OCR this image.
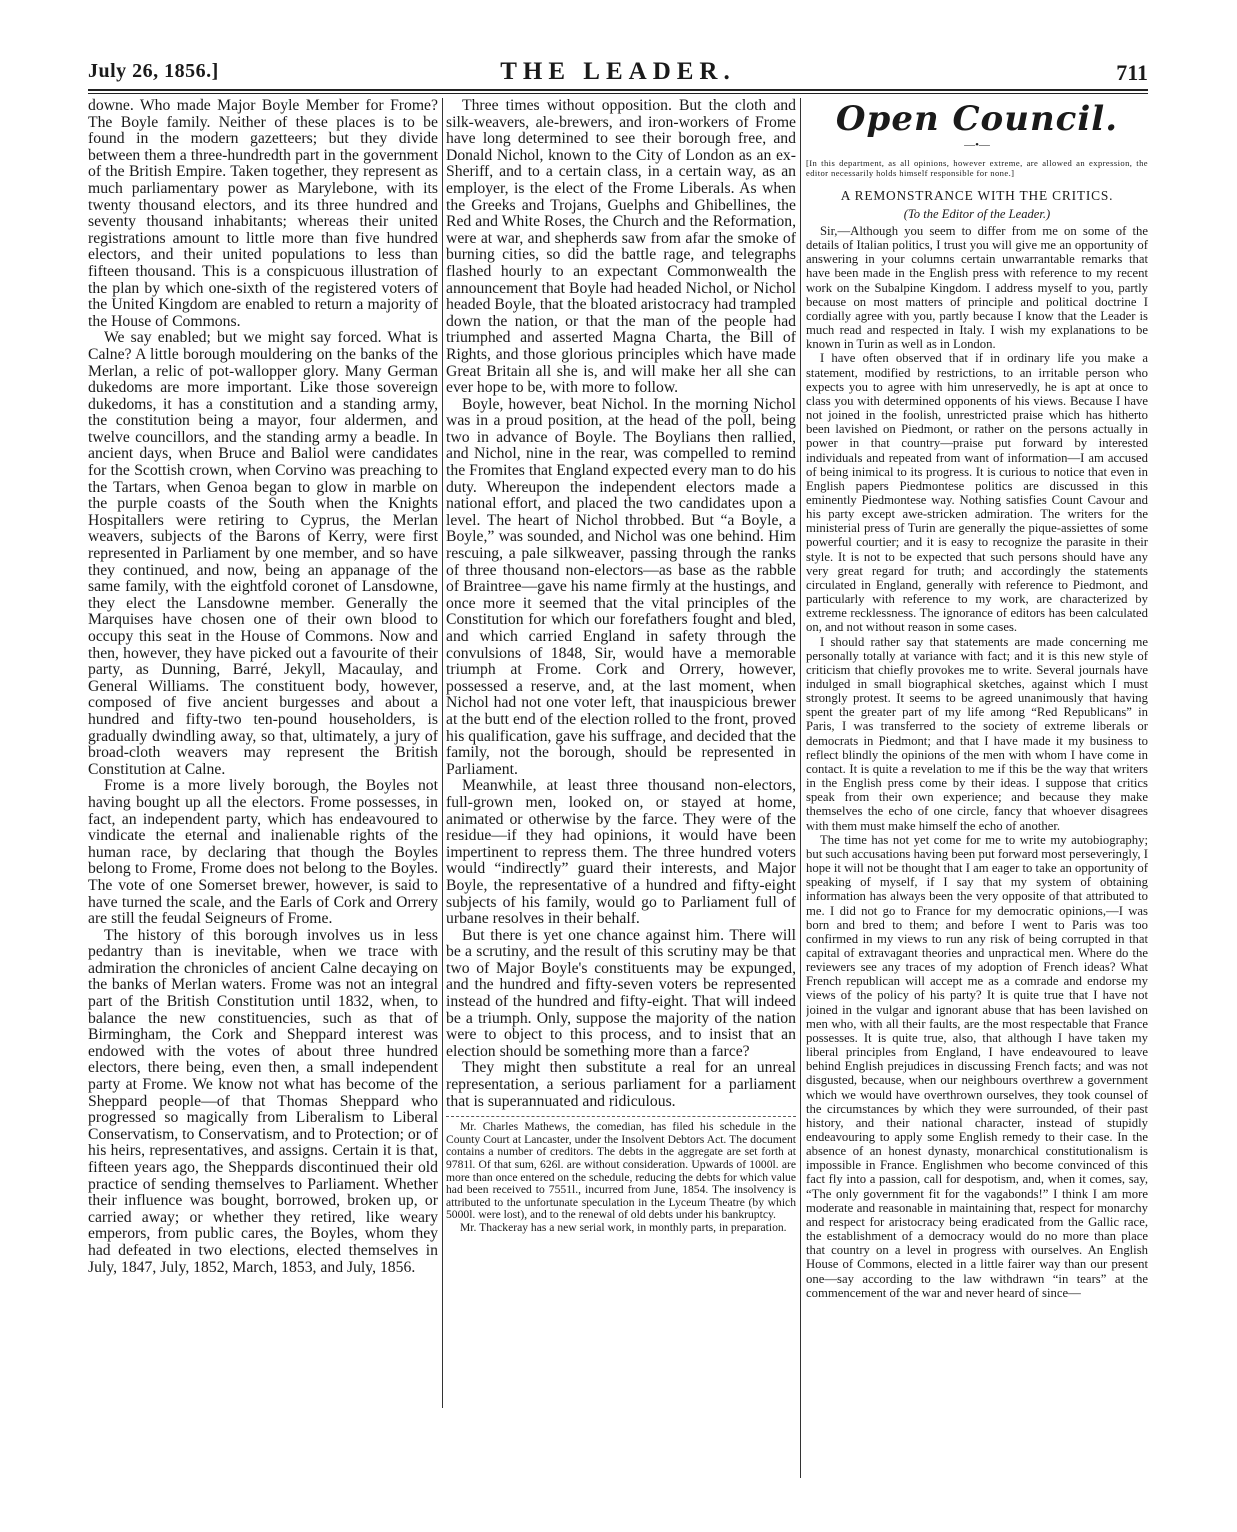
July 26, 1856.]	THE LEADER.	711

downe. Who made Major Boyle Member for Frome? The Boyle family. Neither of these places is to be found in the modern gazetteers; but they divide between them a three-hundredth part in the government of the British Empire. Taken together, they represent as much parliamentary power as Marylebone, with its twenty thousand electors, and its three hundred and seventy thousand inhabitants; whereas their united registrations amount to little more than five hundred electors, and their united populations to less than fifteen thousand. This is a conspicuous illustration of the plan by which one-sixth of the registered voters of the United Kingdom are enabled to return a majority of the House of Commons.

We say enabled; but we might say forced. What is Calne? A little borough mouldering on the banks of the Merlan, a relic of pot-wallopper glory. Many German dukedoms are more important. Like those sovereign dukedoms, it has a constitution and a standing army, the constitution being a mayor, four aldermen, and twelve councillors, and the standing army a beadle. In ancient days, when Bruce and Baliol were candidates for the Scottish crown, when Corvino was preaching to the Tartars, when Genoa began to glow in marble on the purple coasts of the South when the Knights Hospitallers were retiring to Cyprus, the Merlan weavers, subjects of the Barons of Kerry, were first represented in Parliament by one member, and so have they continued, and now, being an appanage of the same family, with the eightfold coronet of Lansdowne, they elect the Lansdowne member. Generally the Marquises have chosen one of their own blood to occupy this seat in the House of Commons. Now and then, however, they have picked out a favourite of their party, as Dunning, Barré, Jekyll, Macaulay, and General Williams. The constituent body, however, composed of five ancient burgesses and about a hundred and fifty-two ten-pound householders, is gradually dwindling away, so that, ultimately, a jury of broad-cloth weavers may represent the British Constitution at Calne.

Frome is a more lively borough, the Boyles not having bought up all the electors. Frome possesses, in fact, an independent party, which has endeavoured to vindicate the eternal and inalienable rights of the human race, by declaring that though the Boyles belong to Frome, Frome does not belong to the Boyles. The vote of one Somerset brewer, however, is said to have turned the scale, and the Earls of Cork and Orrery are still the feudal Seigneurs of Frome.

The history of this borough involves us in less pedantry than is inevitable, when we trace with admiration the chronicles of ancient Calne decaying on the banks of Merlan waters. Frome was not an integral part of the British Constitution until 1832, when, to balance the new constituencies, such as that of Birmingham, the Cork and Sheppard interest was endowed with the votes of about three hundred electors, there being, even then, a small independent party at Frome. We know not what has become of the Sheppard people—of that Thomas Sheppard who progressed so magically from Liberalism to Liberal Conservatism, to Conservatism, and to Protection; or of his heirs, representatives, and assigns. Certain it is that, fifteen years ago, the Sheppards discontinued their old practice of sending themselves to Parliament. Whether their influence was bought, borrowed, broken up, or carried away; or whether they retired, like weary emperors, from public cares, the Boyles, whom they had defeated in two elections, elected themselves in July, 1847, July, 1852, March, 1853, and July, 1856.

Three times without opposition. But the cloth and silk-weavers, ale-brewers, and iron-workers of Frome have long determined to see their borough free, and Donald Nichol, known to the City of London as an ex-Sheriff, and to a certain class, in a certain way, as an employer, is the elect of the Frome Liberals. As when the Greeks and Trojans, Guelphs and Ghibellines, the Red and White Roses, the Church and the Reformation, were at war, and shepherds saw from afar the smoke of burning cities, so did the battle rage, and telegraphs flashed hourly to an expectant Commonwealth the announcement that Boyle had headed Nichol, or Nichol headed Boyle, that the bloated aristocracy had trampled down the nation, or that the man of the people had triumphed and asserted Magna Charta, the Bill of Rights, and those glorious principles which have made Great Britain all she is, and will make her all she can ever hope to be, with more to follow.

Boyle, however, beat Nichol. In the morning Nichol was in a proud position, at the head of the poll, being two in advance of Boyle. The Boylians then rallied, and Nichol, nine in the rear, was compelled to remind the Fromites that England expected every man to do his duty. Whereupon the independent electors made a national effort, and placed the two candidates upon a level. The heart of Nichol throbbed. But “a Boyle, a Boyle,” was sounded, and Nichol was one behind. Him rescuing, a pale silkweaver, passing through the ranks of three thousand non-electors—as base as the rabble of Braintree—gave his name firmly at the hustings, and once more it seemed that the vital principles of the Constitution for which our forefathers fought and bled, and which carried England in safety through the convulsions of 1848, Sir, would have a memorable triumph at Frome. Cork and Orrery, however, possessed a reserve, and, at the last moment, when Nichol had not one voter left, that inauspicious brewer at the butt end of the election rolled to the front, proved his qualification, gave his suffrage, and decided that the family, not the borough, should be represented in Parliament.

Meanwhile, at least three thousand non-electors, full-grown men, looked on, or stayed at home, animated or otherwise by the farce. They were of the residue—if they had opinions, it would have been impertinent to repress them. The three hundred voters would “indirectly” guard their interests, and Major Boyle, the representative of a hundred and fifty-eight subjects of his family, would go to Parliament full of urbane resolves in their behalf.

But there is yet one chance against him. There will be a scrutiny, and the result of this scrutiny may be that two of Major Boyle's constituents may be expunged, and the hundred and fifty-seven voters be represented instead of the hundred and fifty-eight. That will indeed be a triumph. Only, suppose the majority of the nation were to object to this process, and to insist that an election should be something more than a farce?

They might then substitute a real for an unreal representation, a serious parliament for a parliament that is superannuated and ridiculous.

Mr. Charles Mathews, the comedian, has filed his schedule in the County Court at Lancaster, under the Insolvent Debtors Act. The document contains a number of creditors. The debts in the aggregate are set forth at 9781l. Of that sum, 626l. are without consideration. Upwards of 1000l. are more than once entered on the schedule, reducing the debts for which value had been received to 7551l., incurred from June, 1854. The insolvency is attributed to the unfortunate speculation in the Lyceum Theatre (by which 5000l. were lost), and to the renewal of old debts under his bankruptcy.

Mr. Thackeray has a new serial work, in monthly parts, in preparation.

Open Council.
—•—
[In this department, as all opinions, however extreme, are allowed an expression, the editor necessarily holds himself responsible for none.]
A REMONSTRANCE WITH THE CRITICS.
(To the Editor of the Leader.)

Sir,—Although you seem to differ from me on some of the details of Italian politics, I trust you will give me an opportunity of answering in your columns certain unwarrantable remarks that have been made in the English press with reference to my recent work on the Subalpine Kingdom. I address myself to you, partly because on most matters of principle and political doctrine I cordially agree with you, partly because I know that the Leader is much read and respected in Italy. I wish my explanations to be known in Turin as well as in London.

I have often observed that if in ordinary life you make a statement, modified by restrictions, to an irritable person who expects you to agree with him unreservedly, he is apt at once to class you with determined opponents of his views. Because I have not joined in the foolish, unrestricted praise which has hitherto been lavished on Piedmont, or rather on the persons actually in power in that country—praise put forward by interested individuals and repeated from want of information—I am accused of being inimical to its progress. It is curious to notice that even in English papers Piedmontese politics are discussed in this eminently Piedmontese way. Nothing satisfies Count Cavour and his party except awe-stricken admiration. The writers for the ministerial press of Turin are generally the pique-assiettes of some powerful courtier; and it is easy to recognize the parasite in their style. It is not to be expected that such persons should have any very great regard for truth; and accordingly the statements circulated in England, generally with reference to Piedmont, and particularly with reference to my work, are characterized by extreme recklessness. The ignorance of editors has been calculated on, and not without reason in some cases.

I should rather say that statements are made concerning me personally totally at variance with fact; and it is this new style of criticism that chiefly provokes me to write. Several journals have indulged in small biographical sketches, against which I must strongly protest. It seems to be agreed unanimously that having spent the greater part of my life among “Red Republicans” in Paris, I was transferred to the society of extreme liberals or democrats in Piedmont; and that I have made it my business to reflect blindly the opinions of the men with whom I have come in contact. It is quite a revelation to me if this be the way that writers in the English press come by their ideas. I suppose that critics speak from their own experience; and because they make themselves the echo of one circle, fancy that whoever disagrees with them must make himself the echo of another.

The time has not yet come for me to write my autobiography; but such accusations having been put forward most perseveringly, I hope it will not be thought that I am eager to take an opportunity of speaking of myself, if I say that my system of obtaining information has always been the very opposite of that attributed to me. I did not go to France for my democratic opinions,—I was born and bred to them; and before I went to Paris was too confirmed in my views to run any risk of being corrupted in that capital of extravagant theories and unpractical men. Where do the reviewers see any traces of my adoption of French ideas? What French republican will accept me as a comrade and endorse my views of the policy of his party? It is quite true that I have not joined in the vulgar and ignorant abuse that has been lavished on men who, with all their faults, are the most respectable that France possesses. It is quite true, also, that although I have taken my liberal principles from England, I have endeavoured to leave behind English prejudices in discussing French facts; and was not disgusted, because, when our neighbours overthrew a government which we would have overthrown ourselves, they took counsel of the circumstances by which they were surrounded, of their past history, and their national character, instead of stupidly endeavouring to apply some English remedy to their case. In the absence of an honest dynasty, monarchical constitutionalism is impossible in France. Englishmen who become convinced of this fact fly into a passion, call for despotism, and, when it comes, say, “The only government fit for the vagabonds!” I think I am more moderate and reasonable in maintaining that, respect for monarchy and respect for aristocracy being eradicated from the Gallic race, the establishment of a democracy would do no more than place that country on a level in progress with ourselves. An English House of Commons, elected in a little fairer way than our present one—say according to the law withdrawn “in tears” at the commencement of the war and never heard of since—
